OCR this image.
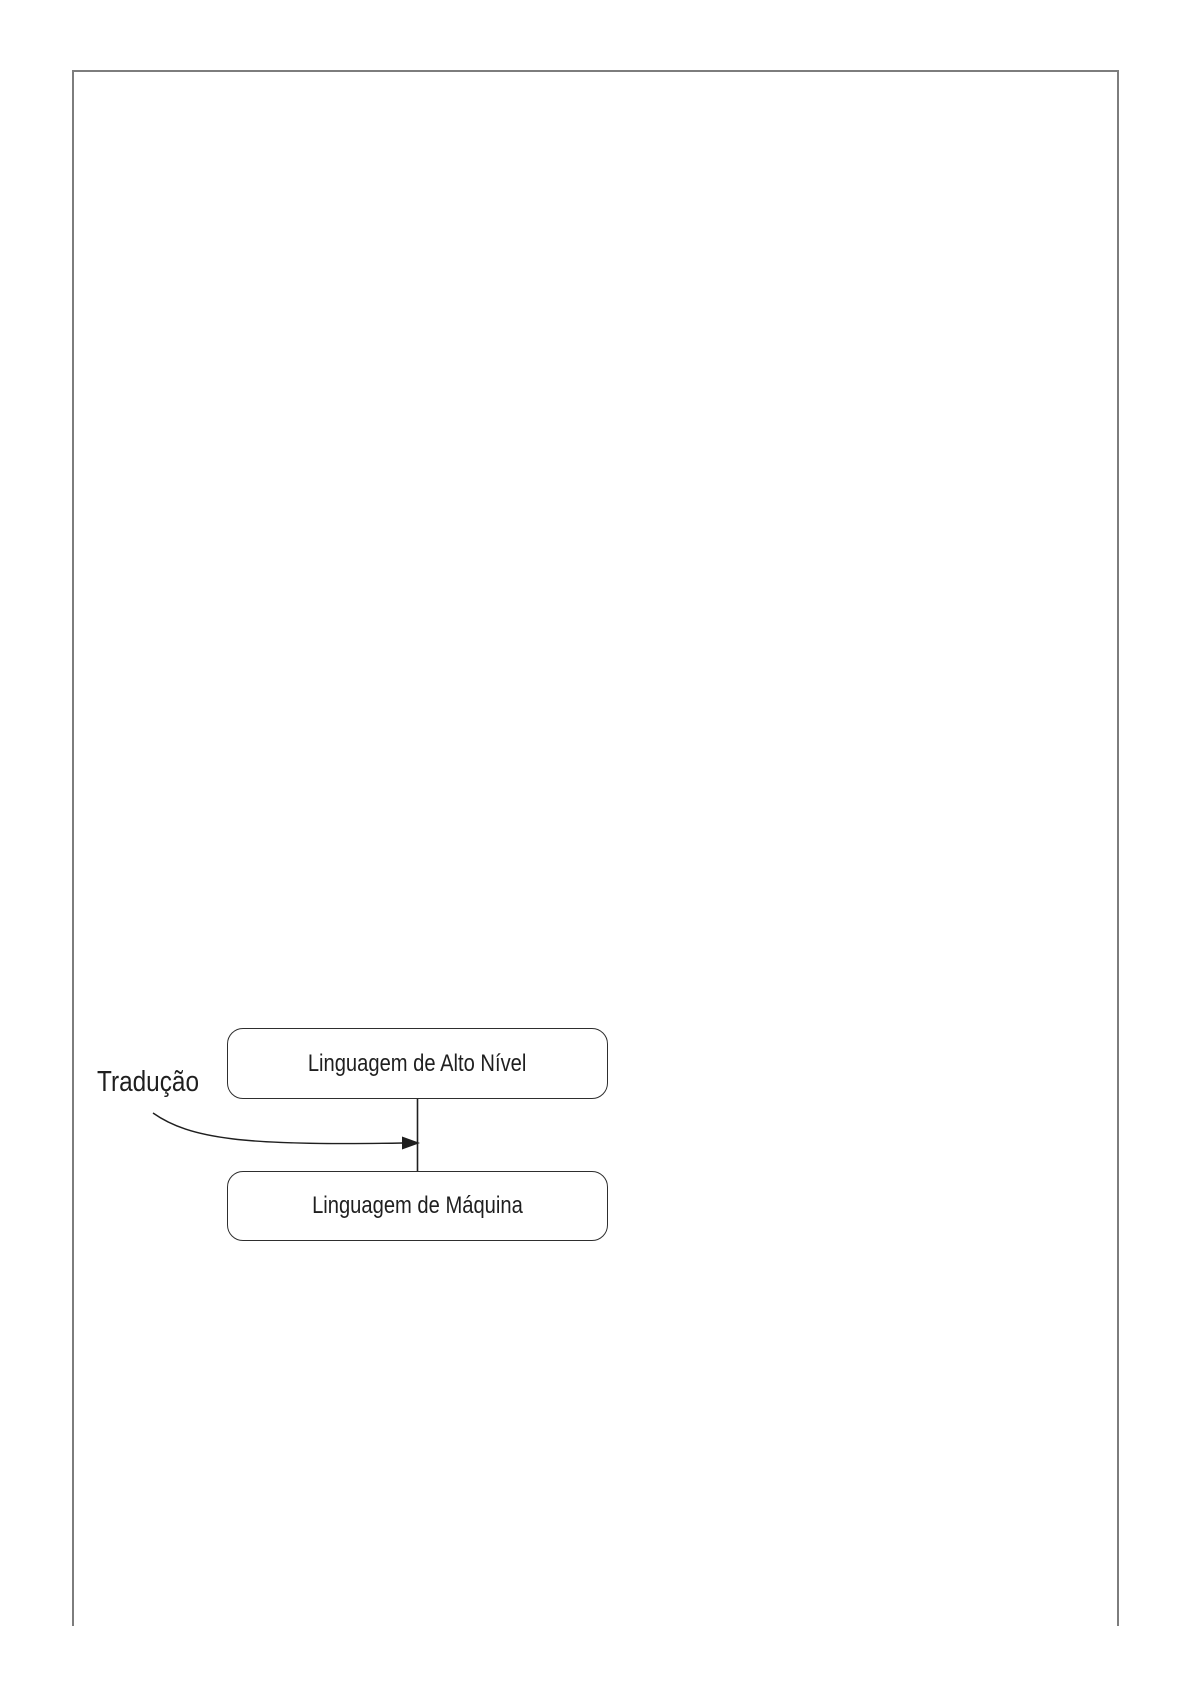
Linguagem de Alto Nível
Linguagem de Máquina
Tradução
